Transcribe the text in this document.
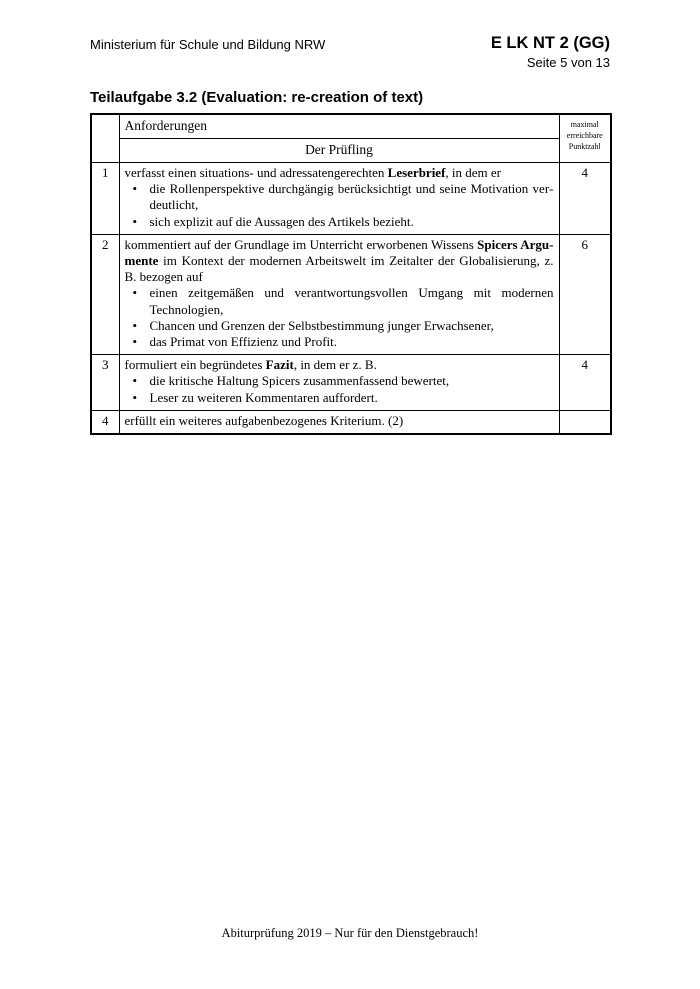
Ministerium für Schule und Bildung NRW	E LK NT 2 (GG)
Seite 5 von 13
Teilaufgabe 3.2 (Evaluation: re-creation of text)
	Anforderungen	maximal erreichbare Punktzahl
	Der Prüfling	
1	verfasst einen situations- und adressatengerechten Leserbrief, in dem er

• die Rollenperspektive durchgängig berücksichtigt und seine Motivation verdeutlicht,
• sich explizit auf die Aussagen des Artikels bezieht.
	4
2	kommentiert auf der Grundlage im Unterricht erworbenen Wissens Spicers Argumente im Kontext der modernen Arbeitswelt im Zeitalter der Globalisierung, z. B. bezogen auf

• einen zeitgemäßen und verantwortungsvollen Umgang mit modernen Technologien,
• Chancen und Grenzen der Selbstbestimmung junger Erwachsener,
• das Primat von Effizienz und Profit.
	6
3	formuliert ein begründetes Fazit, in dem er z. B.

• die kritische Haltung Spicers zusammenfassend bewertet,
• Leser zu weiteren Kommentaren auffordert.
	4
4	erfüllt ein weiteres aufgabenbezogenes Kriterium. (2)	

Abiturprüfung 2019 – Nur für den Dienstgebrauch!
